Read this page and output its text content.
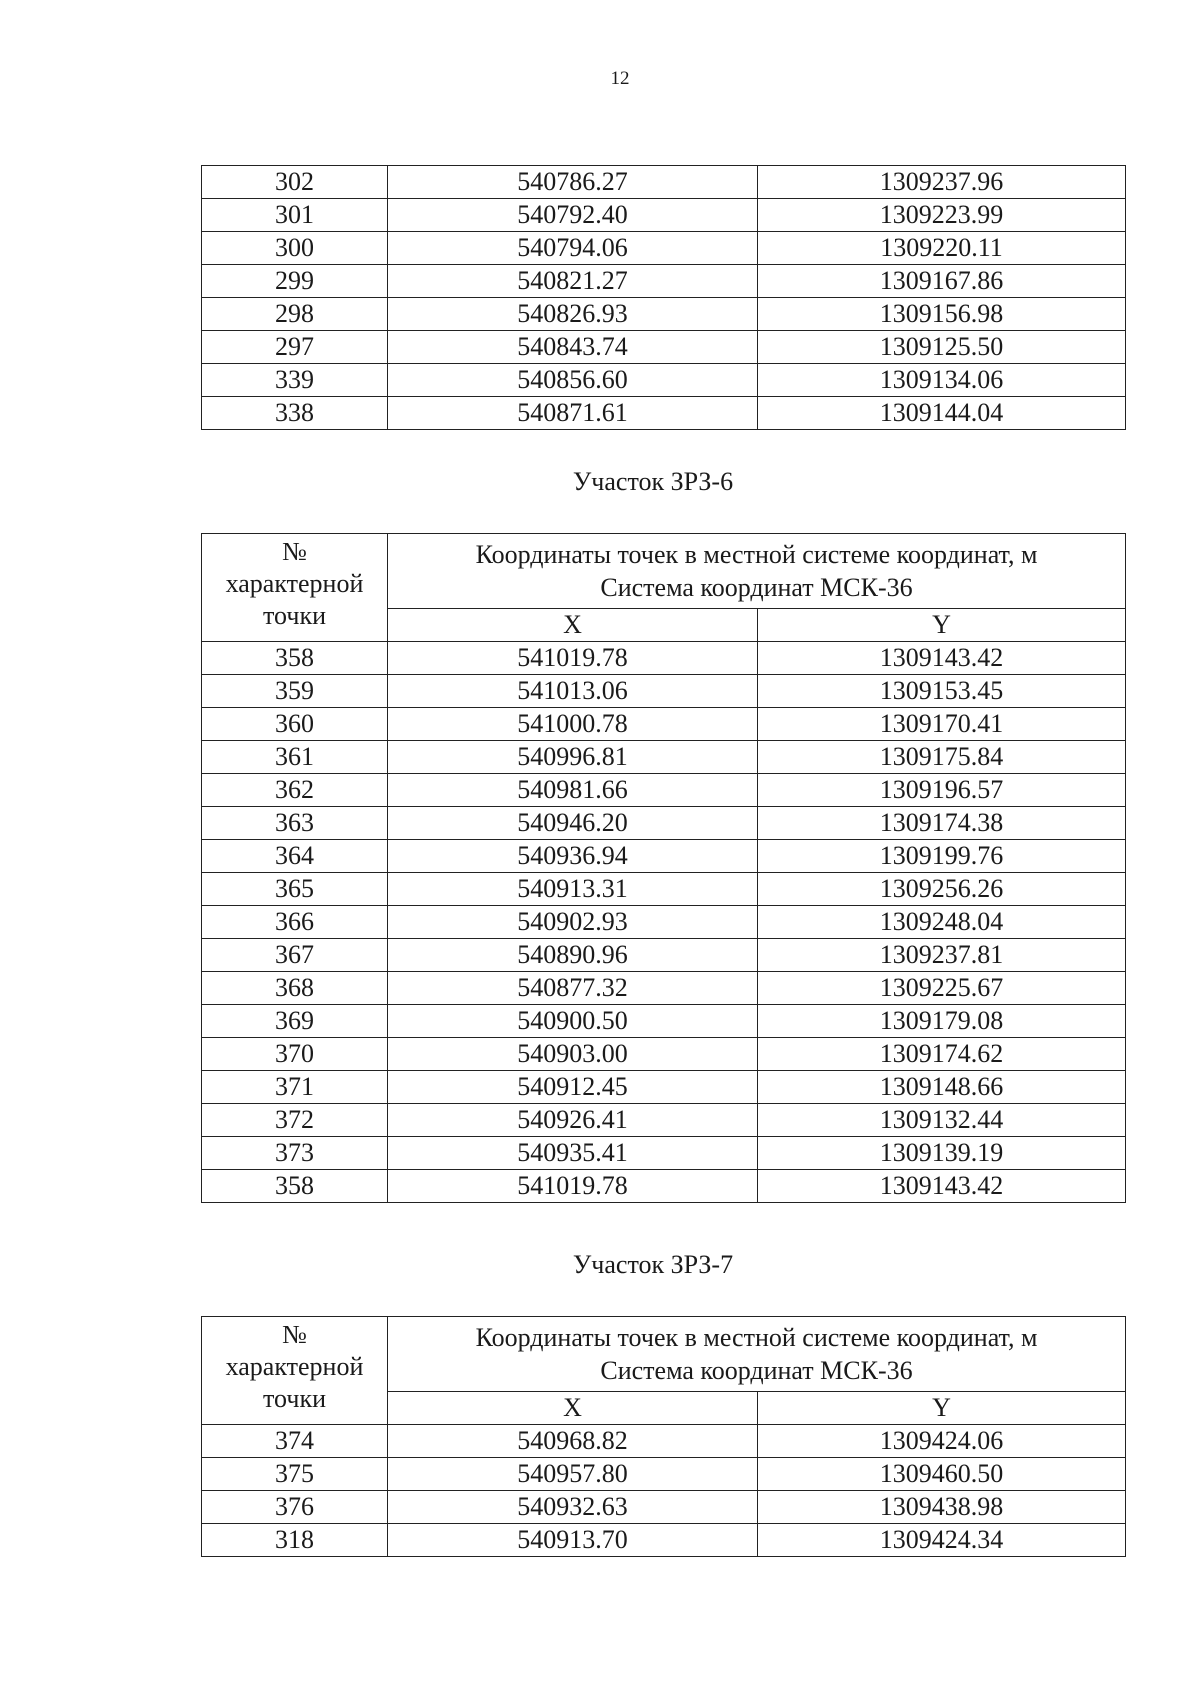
12
302	540786.27	1309237.96
301	540792.40	1309223.99
300	540794.06	1309220.11
299	540821.27	1309167.86
298	540826.93	1309156.98
297	540843.74	1309125.50
339	540856.60	1309134.06
338	540871.61	1309144.04
Участок ЗРЗ-6
№
характерной
точки	Координаты точек в местной системе координат, м
Система координат МСК-36	

	X	Y
358	541019.78	1309143.42
359	541013.06	1309153.45
360	541000.78	1309170.41
361	540996.81	1309175.84
362	540981.66	1309196.57
363	540946.20	1309174.38
364	540936.94	1309199.76
365	540913.31	1309256.26
366	540902.93	1309248.04
367	540890.96	1309237.81
368	540877.32	1309225.67
369	540900.50	1309179.08
370	540903.00	1309174.62
371	540912.45	1309148.66
372	540926.41	1309132.44
373	540935.41	1309139.19
358	541019.78	1309143.42
Участок ЗРЗ-7
№
характерной
точки	Координаты точек в местной системе координат, м
Система координат МСК-36	

	X	Y
374	540968.82	1309424.06
375	540957.80	1309460.50
376	540932.63	1309438.98
318	540913.70	1309424.34
